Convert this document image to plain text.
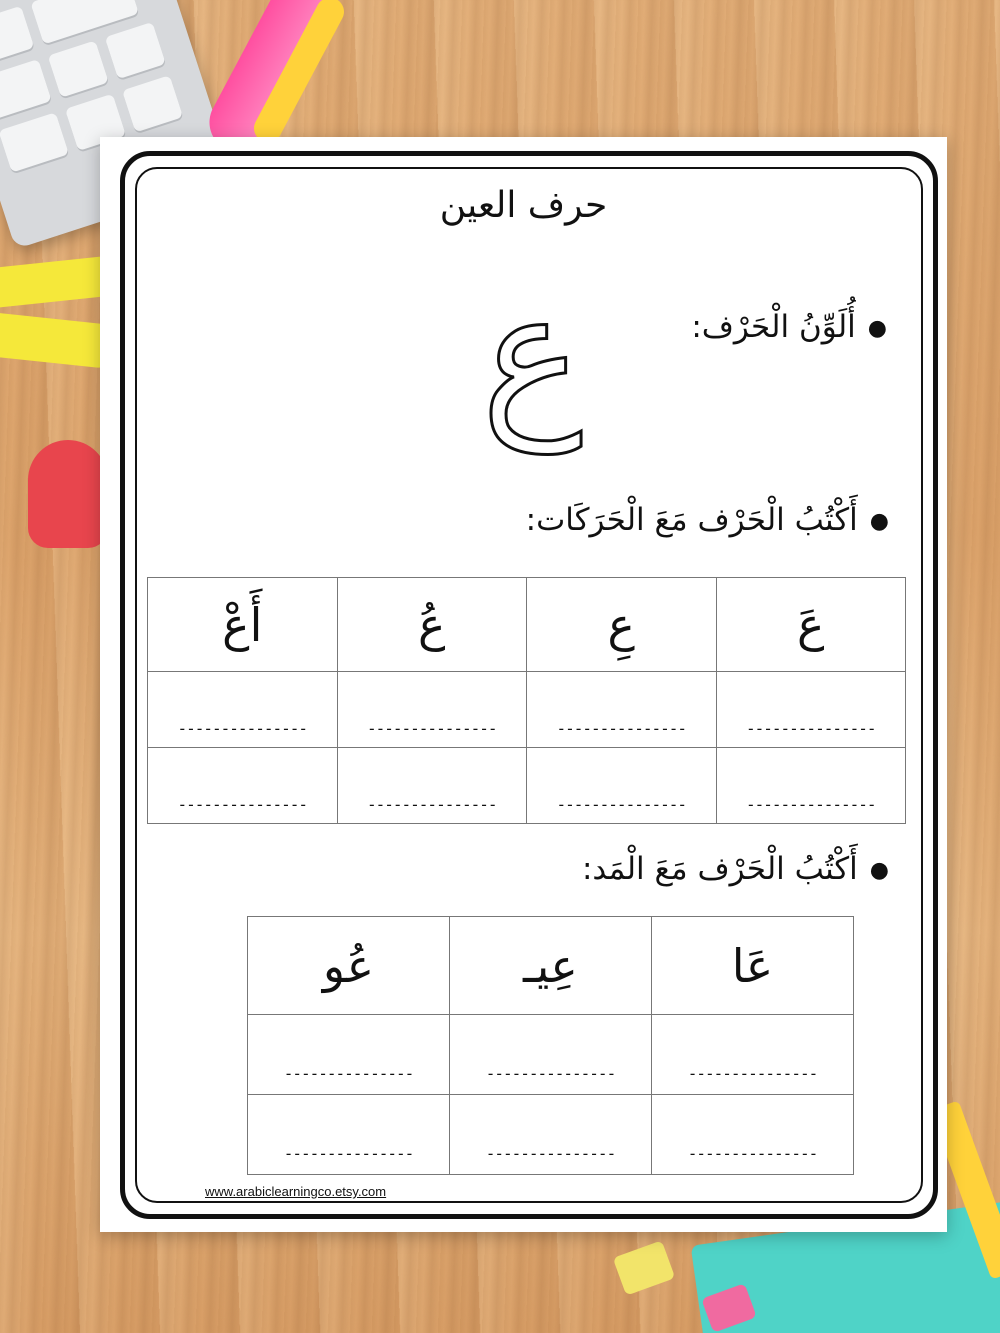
حرف العين
ع	●أُلَوِّنُ الْحَرْف:
●أَكْتُبُ الْحَرْف مَعَ الْحَرَكَات:
أَعْ	عُ	عِ	عَ

---------------	---------------	---------------	---------------

---------------	---------------	---------------	---------------
●أَكْتُبُ الْحَرْف مَعَ الْمَد:
عُو	عِيـ	عَا

---------------	---------------	---------------

---------------	---------------	---------------
www.arabiclearningco.etsy.com
